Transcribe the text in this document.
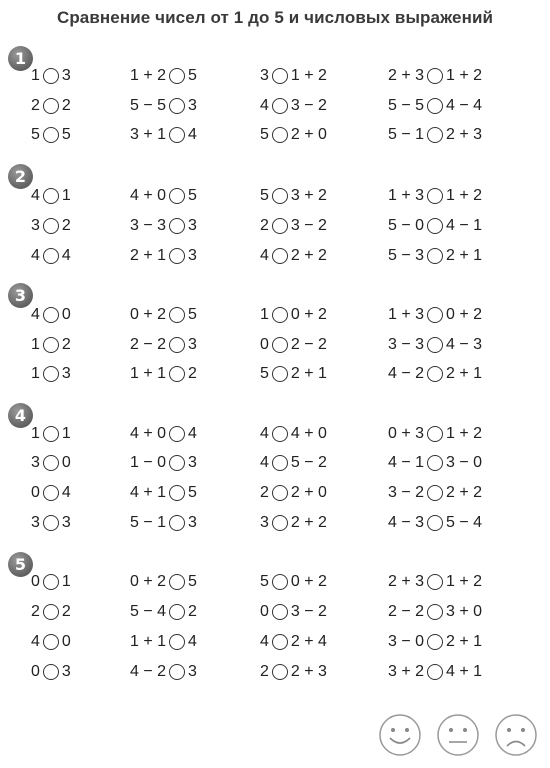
Сравнение чисел от 1 до 5 и числовых выражений
1
1 3	1 + 2 5	3 1 + 2	2 + 3 1 + 2
2 2	5 − 5 3	4 3 − 2	5 − 5 4 − 4
5 5	3 + 1 4	5 2 + 0	5 − 1 2 + 3
2
4 1	4 + 0 5	5 3 + 2	1 + 3 1 + 2
3 2	3 − 3 3	2 3 − 2	5 − 0 4 − 1
4 4	2 + 1 3	4 2 + 2	5 − 3 2 + 1
3
4 0	0 + 2 5	1 0 + 2	1 + 3 0 + 2
1 2	2 − 2 3	0 2 − 2	3 − 3 4 − 3
1 3	1 + 1 2	5 2 + 1	4 − 2 2 + 1
4
1 1	4 + 0 4	4 4 + 0	0 + 3 1 + 2
3 0	1 − 0 3	4 5 − 2	4 − 1 3 − 0
0 4	4 + 1 5	2 2 + 0	3 − 2 2 + 2
3 3	5 − 1 3	3 2 + 2	4 − 3 5 − 4
5
0 1	0 + 2 5	5 0 + 2	2 + 3 1 + 2
2 2	5 − 4 2	0 3 − 2	2 − 2 3 + 0
4 0	1 + 1 4	4 2 + 4	3 − 0 2 + 1
0 3	4 − 2 3	2 2 + 3	3 + 2 4 + 1
